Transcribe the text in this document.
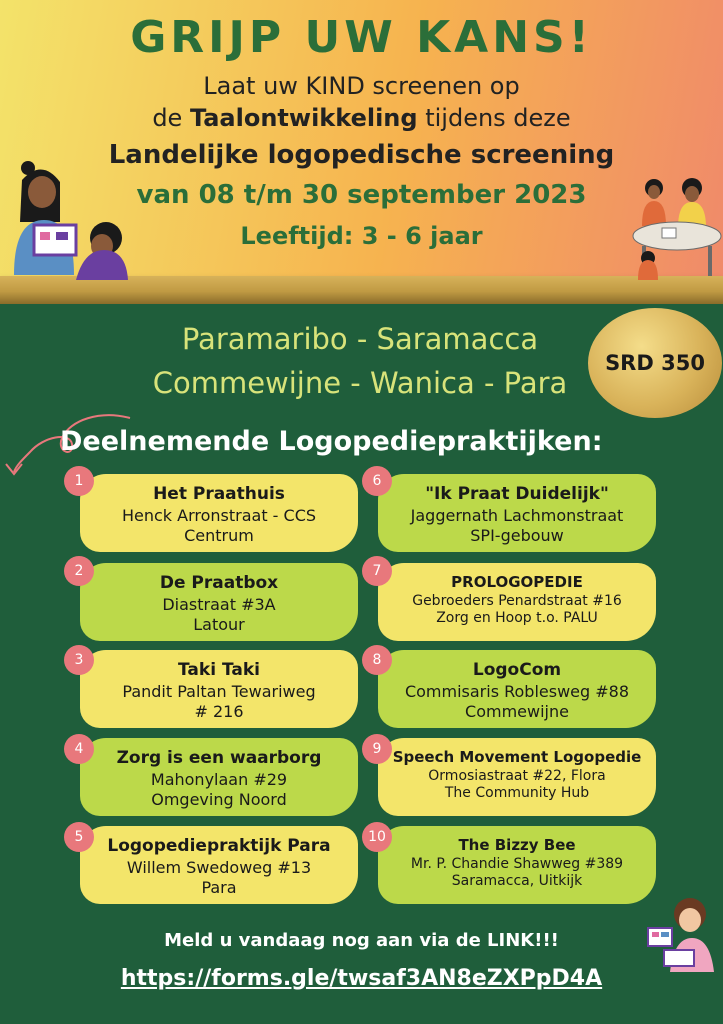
GRIJP UW KANS!
Laat uw KIND screenen op
de Taalontwikkeling tijdens deze
Landelijke logopedische screening
van 08 t/m 30 september 2023
Leeftijd: 3 - 6 jaar
Paramaribo - Saramacca
Commewijne - Wanica - Para
SRD 350
Deelnemende Logopediepraktijken:
Het Praathuis
Henck Arronstraat - CCS
Centrum
1
De Praatbox
Diastraat #3A
Latour
2
Taki Taki
Pandit Paltan Tewariweg
# 216
3
Zorg is een waarborg
Mahonylaan #29
Omgeving Noord
4
Logopediepraktijk Para
Willem Swedoweg #13
Para
5
"Ik Praat Duidelijk"
Jaggernath Lachmonstraat
SPI-gebouw
6
PROLOGOPEDIE
Gebroeders Penardstraat #16
Zorg en Hoop t.o. PALU
7
LogoCom
Commisaris Roblesweg #88
Commewijne
8
Speech Movement Logopedie
Ormosiastraat #22, Flora
The Community Hub
9
The Bizzy Bee
Mr. P. Chandie Shawweg #389
Saramacca, Uitkijk
10
Meld u vandaag nog aan via de LINK!!!
https://forms.gle/twsaf3AN8eZXPpD4A
